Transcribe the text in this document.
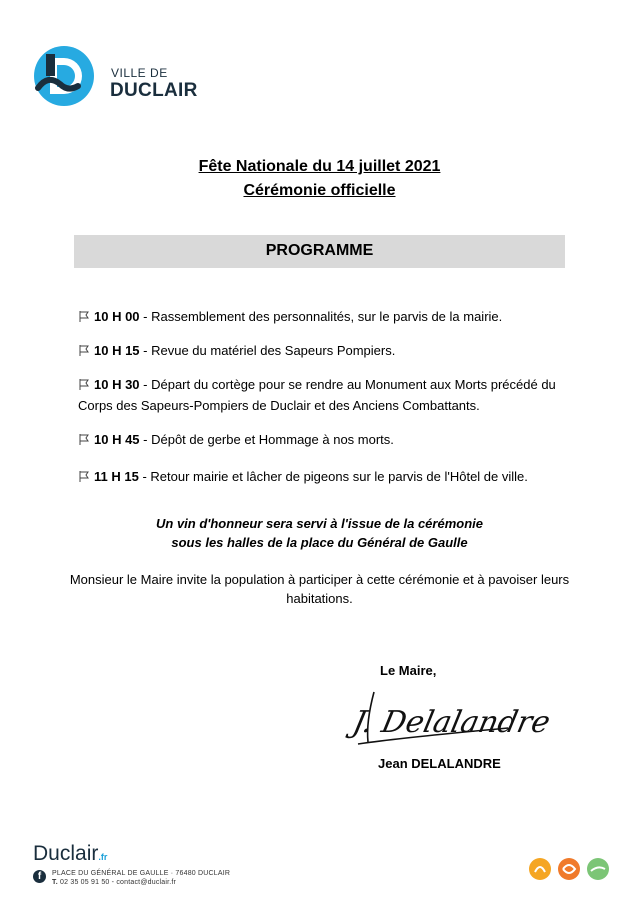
VILLE DE
DUCLAIR
Fête Nationale du 14 juillet 2021
Cérémonie officielle
PROGRAMME
10 H 00 - Rassemblement des personnalités, sur le parvis de la mairie.
10 H 15 - Revue du matériel des Sapeurs Pompiers.
10 H 30 - Départ du cortège pour se rendre au Monument aux Morts précédé du Corps des Sapeurs-Pompiers de Duclair et des Anciens Combattants.
10 H 45 - Dépôt de gerbe et Hommage à nos morts.
11 H 15 - Retour mairie et lâcher de pigeons sur le parvis de l'Hôtel de ville.
Un vin d'honneur sera servi à l'issue de la cérémonie
sous les halles de la place du Général de Gaulle
Monsieur le Maire invite la population à participer à cette cérémonie et à pavoiser leurs habitations.
Le Maire,
J. Delalandre
Jean DELALANDRE
Duclair.fr
f	PLACE DU GÉNÉRAL DE GAULLE · 76480 DUCLAIR
T. 02 35 05 91 50 - contact@duclair.fr
